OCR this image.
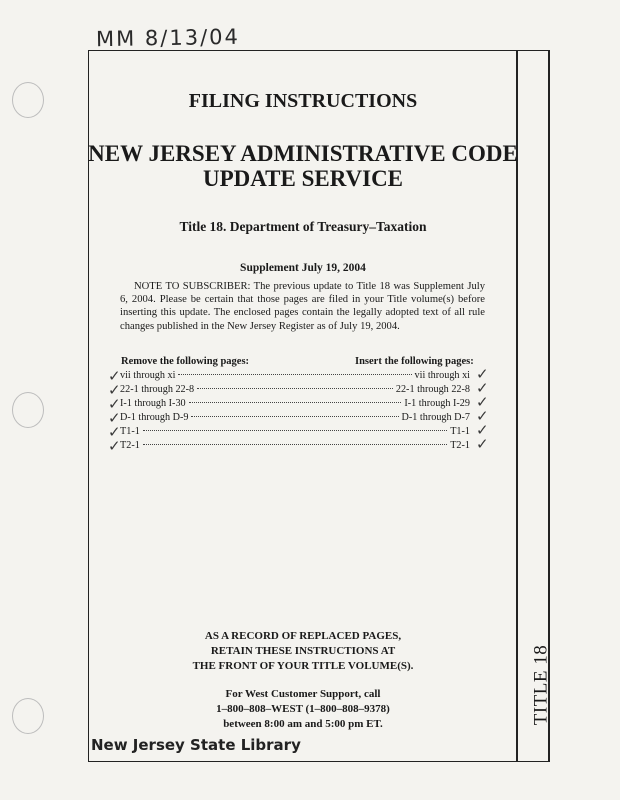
MM 8/13/04
TITLE 18
FILING INSTRUCTIONS
NEW JERSEY ADMINISTRATIVE CODE
UPDATE SERVICE
Title 18. Department of Treasury–Taxation
Supplement July 19, 2004
NOTE TO SUBSCRIBER: The previous update to Title 18 was Supplement July 6, 2004. Please be certain that those pages are filed in your Title volume(s) before inserting this update. The enclosed pages contain the legally adopted text of all rule changes published in the New Jersey Register as of July 19, 2004.
Remove the following pages:	Insert the following pages:
vii through xi	vii through xi
22-1 through 22-8	22-1 through 22-8
I-1 through I-30	I-1 through I-29
D-1 through D-9	D-1 through D-7
T1-1	T1-1
T2-1	T2-1
✓
✓
✓
✓
✓
✓
✓
✓
✓
✓
✓
✓
AS A RECORD OF REPLACED PAGES,
RETAIN THESE INSTRUCTIONS AT
THE FRONT OF YOUR TITLE VOLUME(S).
For West Customer Support, call
1–800–808–WEST (1–800–808–9378)
between 8:00 am and 5:00 pm ET.
New Jersey State Library
